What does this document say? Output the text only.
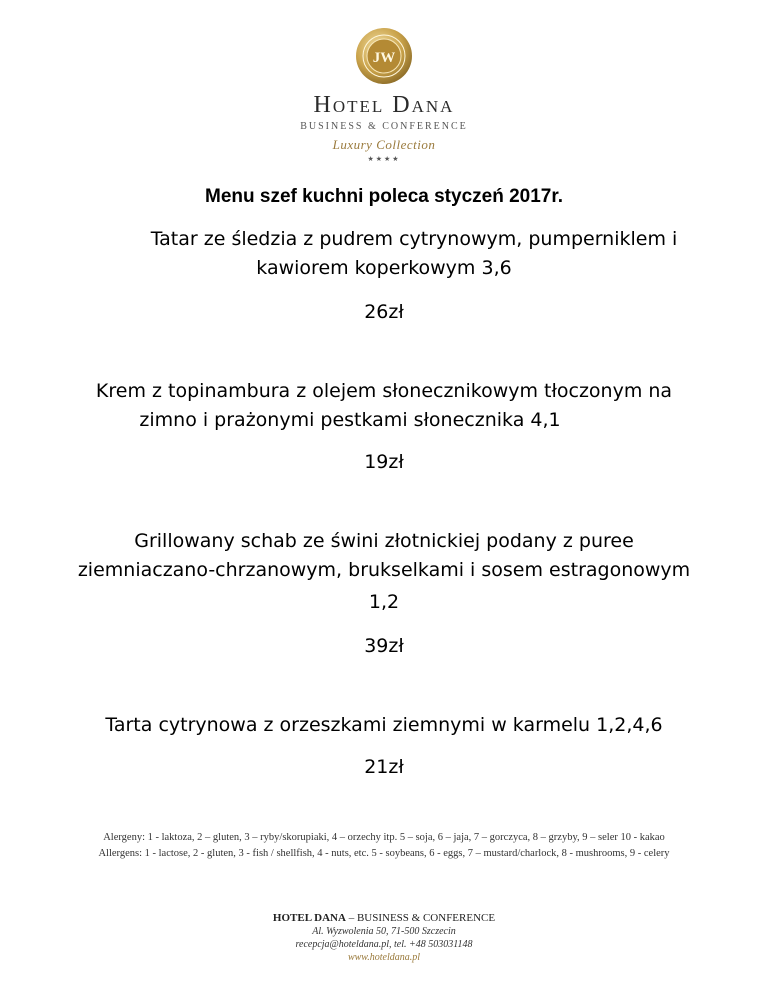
JW
Hotel Dana
BUSINESS & CONFERENCE
Luxury Collection
★★★★
Menu szef kuchni poleca styczeń 2017r.
Tatar ze śledzia z pudrem cytrynowym, pumperniklem i
kawiorem koperkowym 3,6
26zł
Krem z topinambura z olejem słonecznikowym tłoczonym na
zimno i prażonymi pestkami słonecznika 4,1
19zł
Grillowany schab ze świni złotnickiej podany z puree
ziemniaczano-chrzanowym, brukselkami i sosem estragonowym
1,2
39zł
Tarta cytrynowa z orzeszkami ziemnymi w karmelu 1,2,4,6
21zł
Alergeny: 1 - laktoza, 2 – gluten, 3 – ryby/skorupiaki, 4 – orzechy itp. 5 – soja, 6 – jaja, 7 – gorczyca, 8 – grzyby, 9 – seler 10 - kakao
Allergens: 1 - lactose, 2 - gluten, 3 - fish / shellfish, 4 - nuts, etc. 5 - soybeans, 6 - eggs, 7 – mustard/charlock, 8 - mushrooms, 9 - celery
HOTEL DANA – BUSINESS & CONFERENCE
Al. Wyzwolenia 50, 71-500 Szczecin
recepcja@hoteldana.pl, tel. +48 503031148
www.hoteldana.pl
